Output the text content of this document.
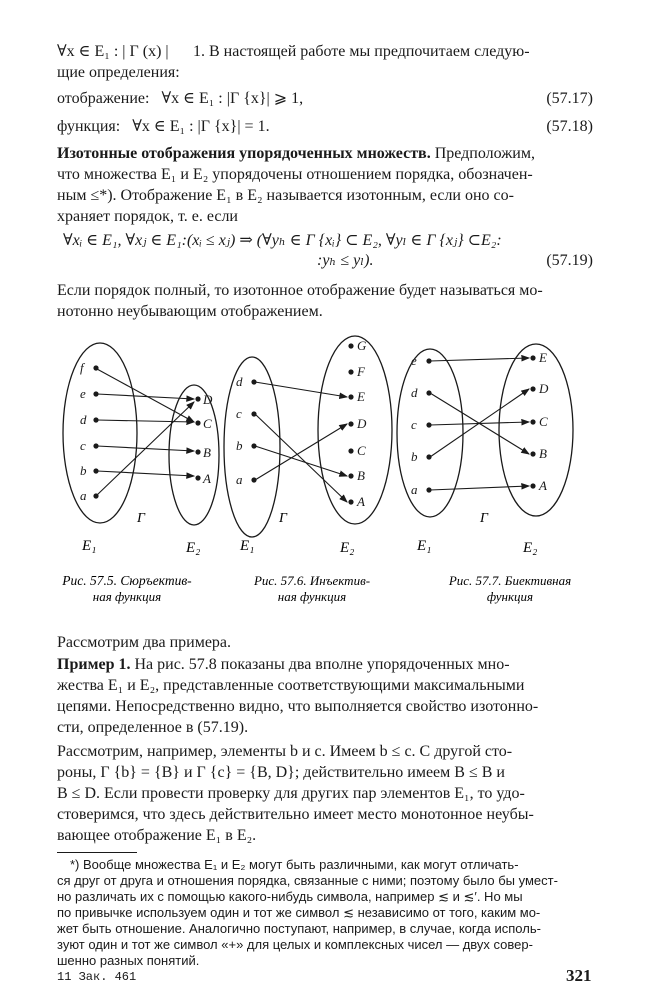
∀x ∈ E₁ : | Γ (x) | 1. В настоящей работе мы предпочитаем следую-
щие определения:
отображение: ∀x ∈ E₁ : |Γ {x}| ⩾ 1,	(57.17)
функция: ∀x ∈ E₁ : |Γ {x}| = 1.	(57.18)
Изотонные отображения упорядоченных множеств. Предположим,
что множества E₁ и E₂ упорядочены отношением порядка, обозначен-
ным ≤*). Отображение E₁ в E₂ называется изотонным, если оно со-
храняет порядок, т. е. если
∀xᵢ ∈ E₁, ∀xⱼ ∈ E₁:(xᵢ ≤ xⱼ) ⇒ (∀yₕ ∈ Γ {xᵢ} ⊂ E₂, ∀yₗ ∈ Γ {xⱼ} ⊂E₂:
:yₕ ≤ yₗ).	(57.19)
Если порядок полный, то изотонное отображение будет называться мо-
нотонно неубывающим отображением.
f
e
d
c
b
a
D
C
B
A
Γ
E₁	E₂
Рис. 57.5. Сюръектив-
ная функция
d
c
b
a
G
F
E
D
C
B
A
Γ
E₁	E₂
Рис. 57.6. Инъектив-
ная функция
e
d
c
b
a
E
D
C
B
A
Γ
E₁	E₂
Рис. 57.7. Биективная
функция
Рассмотрим два примера.
Пример 1. На рис. 57.8 показаны два вполне упорядоченных мно-
жества E₁ и E₂, представленные соответствующими максимальными
цепями. Непосредственно видно, что выполняется свойство изотонно-
сти, определенное в (57.19).
Рассмотрим, например, элементы b и c. Имеем b ≤ c. С другой сто-
роны, Γ {b} = {B} и Γ {c} = {B, D}; действительно имеем B ≤ B и
B ≤ D. Если провести проверку для других пар элементов E₁, то удо-
стоверимся, что здесь действительно имеет место монотонное неубы-
вающее отображение E₁ в E₂.
*) Вообще множества E₁ и E₂ могут быть различными, как могут отличать-
ся друг от друга и отношения порядка, связанные с ними; поэтому было бы умест-
но различать их с помощью какого-нибудь символа, например ≲ и ≲′. Но мы
по привычке используем один и тот же символ ≲ независимо от того, каким мо-
жет быть отношение. Аналогично поступают, например, в случае, когда исполь-
зуют один и тот же символ «+» для целых и комплексных чисел — двух совер-
шенно разных понятий.
11 Зак. 461	321
